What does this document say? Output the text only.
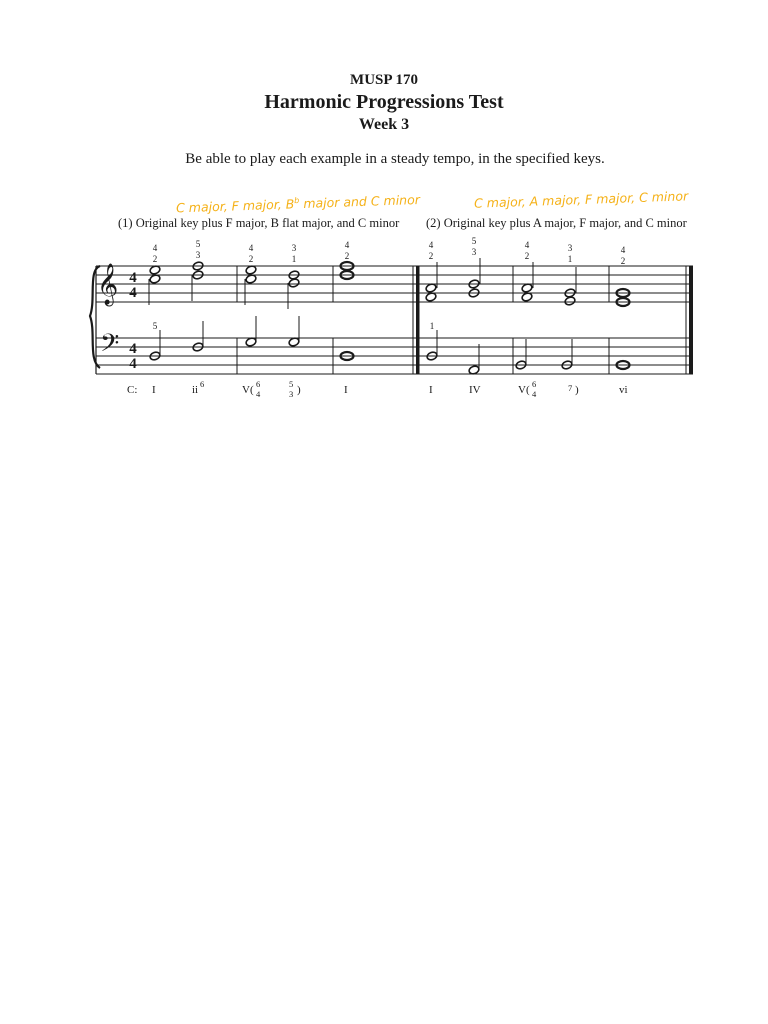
MUSP 170
Harmonic Progressions Test
Week 3
Be able to play each example in a steady tempo, in the specified keys.
C major, F major, $B^b$ major and C minor	C major, A major, F major, C minor
(1) Original key plus F major, B flat major, and C minor (2) Original key plus A major, F major, and C minor
𝄞
𝄢
4
4
4
4
4
2
5
3
4
2
3
1
4
2
5
4
2
5
3
4
2
3
1
4
2
1
C: I	ii 6	V( 6
4
5
3 )	I	I	IV	V( 6
4
7 )	vi
